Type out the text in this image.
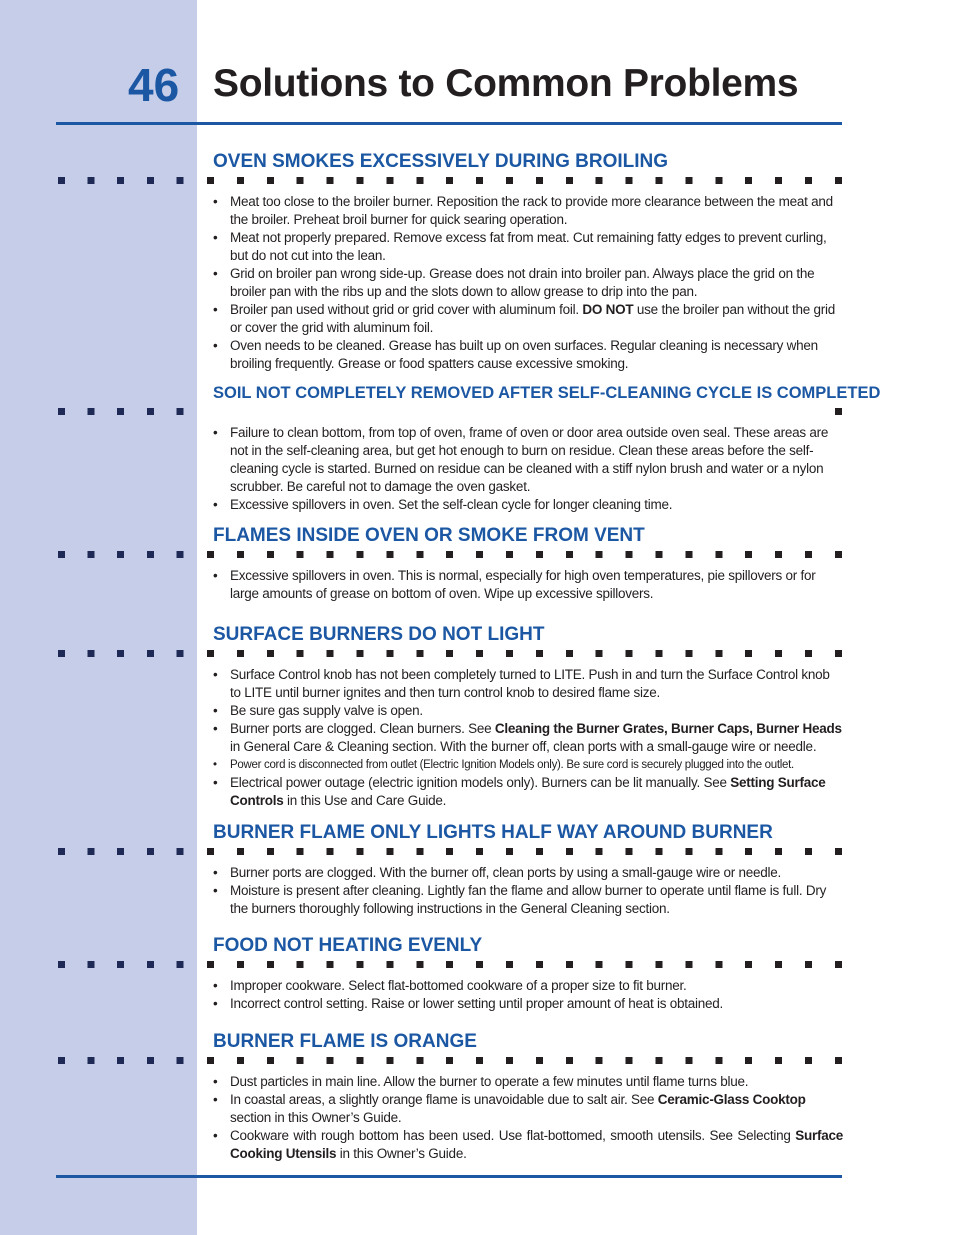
46 Solutions to Common Problems
OVEN SMOKES EXCESSIVELY DURING BROILING
• Meat too close to the broiler burner. Reposition the rack to provide more clearance between the meat and the broiler. Preheat broil burner for quick searing operation.
• Meat not properly prepared. Remove excess fat from meat. Cut remaining fatty edges to prevent curling, but do not cut into the lean.
• Grid on broiler pan wrong side-up. Grease does not drain into broiler pan. Always place the grid on the broiler pan with the ribs up and the slots down to allow grease to drip into the pan.
• Broiler pan used without grid or grid cover with aluminum foil. DO NOT use the broiler pan without the grid or cover the grid with aluminum foil.
• Oven needs to be cleaned. Grease has built up on oven surfaces. Regular cleaning is necessary when broiling frequently. Grease or food spatters cause excessive smoking.
SOIL NOT COMPLETELY REMOVED AFTER SELF-CLEANING CYCLE IS COMPLETED
• Failure to clean bottom, from top of oven, frame of oven or door area outside oven seal. These areas are not in the self-cleaning area, but get hot enough to burn on residue. Clean these areas before the self-cleaning cycle is started. Burned on residue can be cleaned with a stiff nylon brush and water or a nylon scrubber. Be careful not to damage the oven gasket.
• Excessive spillovers in oven. Set the self-clean cycle for longer cleaning time.
FLAMES INSIDE OVEN OR SMOKE FROM VENT
• Excessive spillovers in oven. This is normal, especially for high oven temperatures, pie spillovers or for large amounts of grease on bottom of oven. Wipe up excessive spillovers.
SURFACE BURNERS DO NOT LIGHT
• Surface Control knob has not been completely turned to LITE. Push in and turn the Surface Control knob to LITE until burner ignites and then turn control knob to desired flame size.
• Be sure gas supply valve is open.
• Burner ports are clogged. Clean burners. See Cleaning the Burner Grates, Burner Caps, Burner Heads in General Care & Cleaning section. With the burner off, clean ports with a small-gauge wire or needle.
• Power cord is disconnected from outlet (Electric Ignition Models only). Be sure cord is securely plugged into the outlet.
• Electrical power outage (electric ignition models only). Burners can be lit manually. See Setting Surface Controls in this Use and Care Guide.
BURNER FLAME ONLY LIGHTS HALF WAY AROUND BURNER
• Burner ports are clogged. With the burner off, clean ports by using a small-gauge wire or needle.
• Moisture is present after cleaning. Lightly fan the flame and allow burner to operate until flame is full. Dry the burners thoroughly following instructions in the General Cleaning section.
FOOD NOT HEATING EVENLY
• Improper cookware. Select flat-bottomed cookware of a proper size to fit burner.
• Incorrect control setting. Raise or lower setting until proper amount of heat is obtained.
BURNER FLAME IS ORANGE
• Dust particles in main line. Allow the burner to operate a few minutes until flame turns blue.
• In coastal areas, a slightly orange flame is unavoidable due to salt air. See Ceramic-Glass Cooktop section in this Owner’s Guide.
• Cookware with rough bottom has been used. Use flat-bottomed, smooth utensils. See Selecting Surface Cooking Utensils in this Owner’s Guide.
